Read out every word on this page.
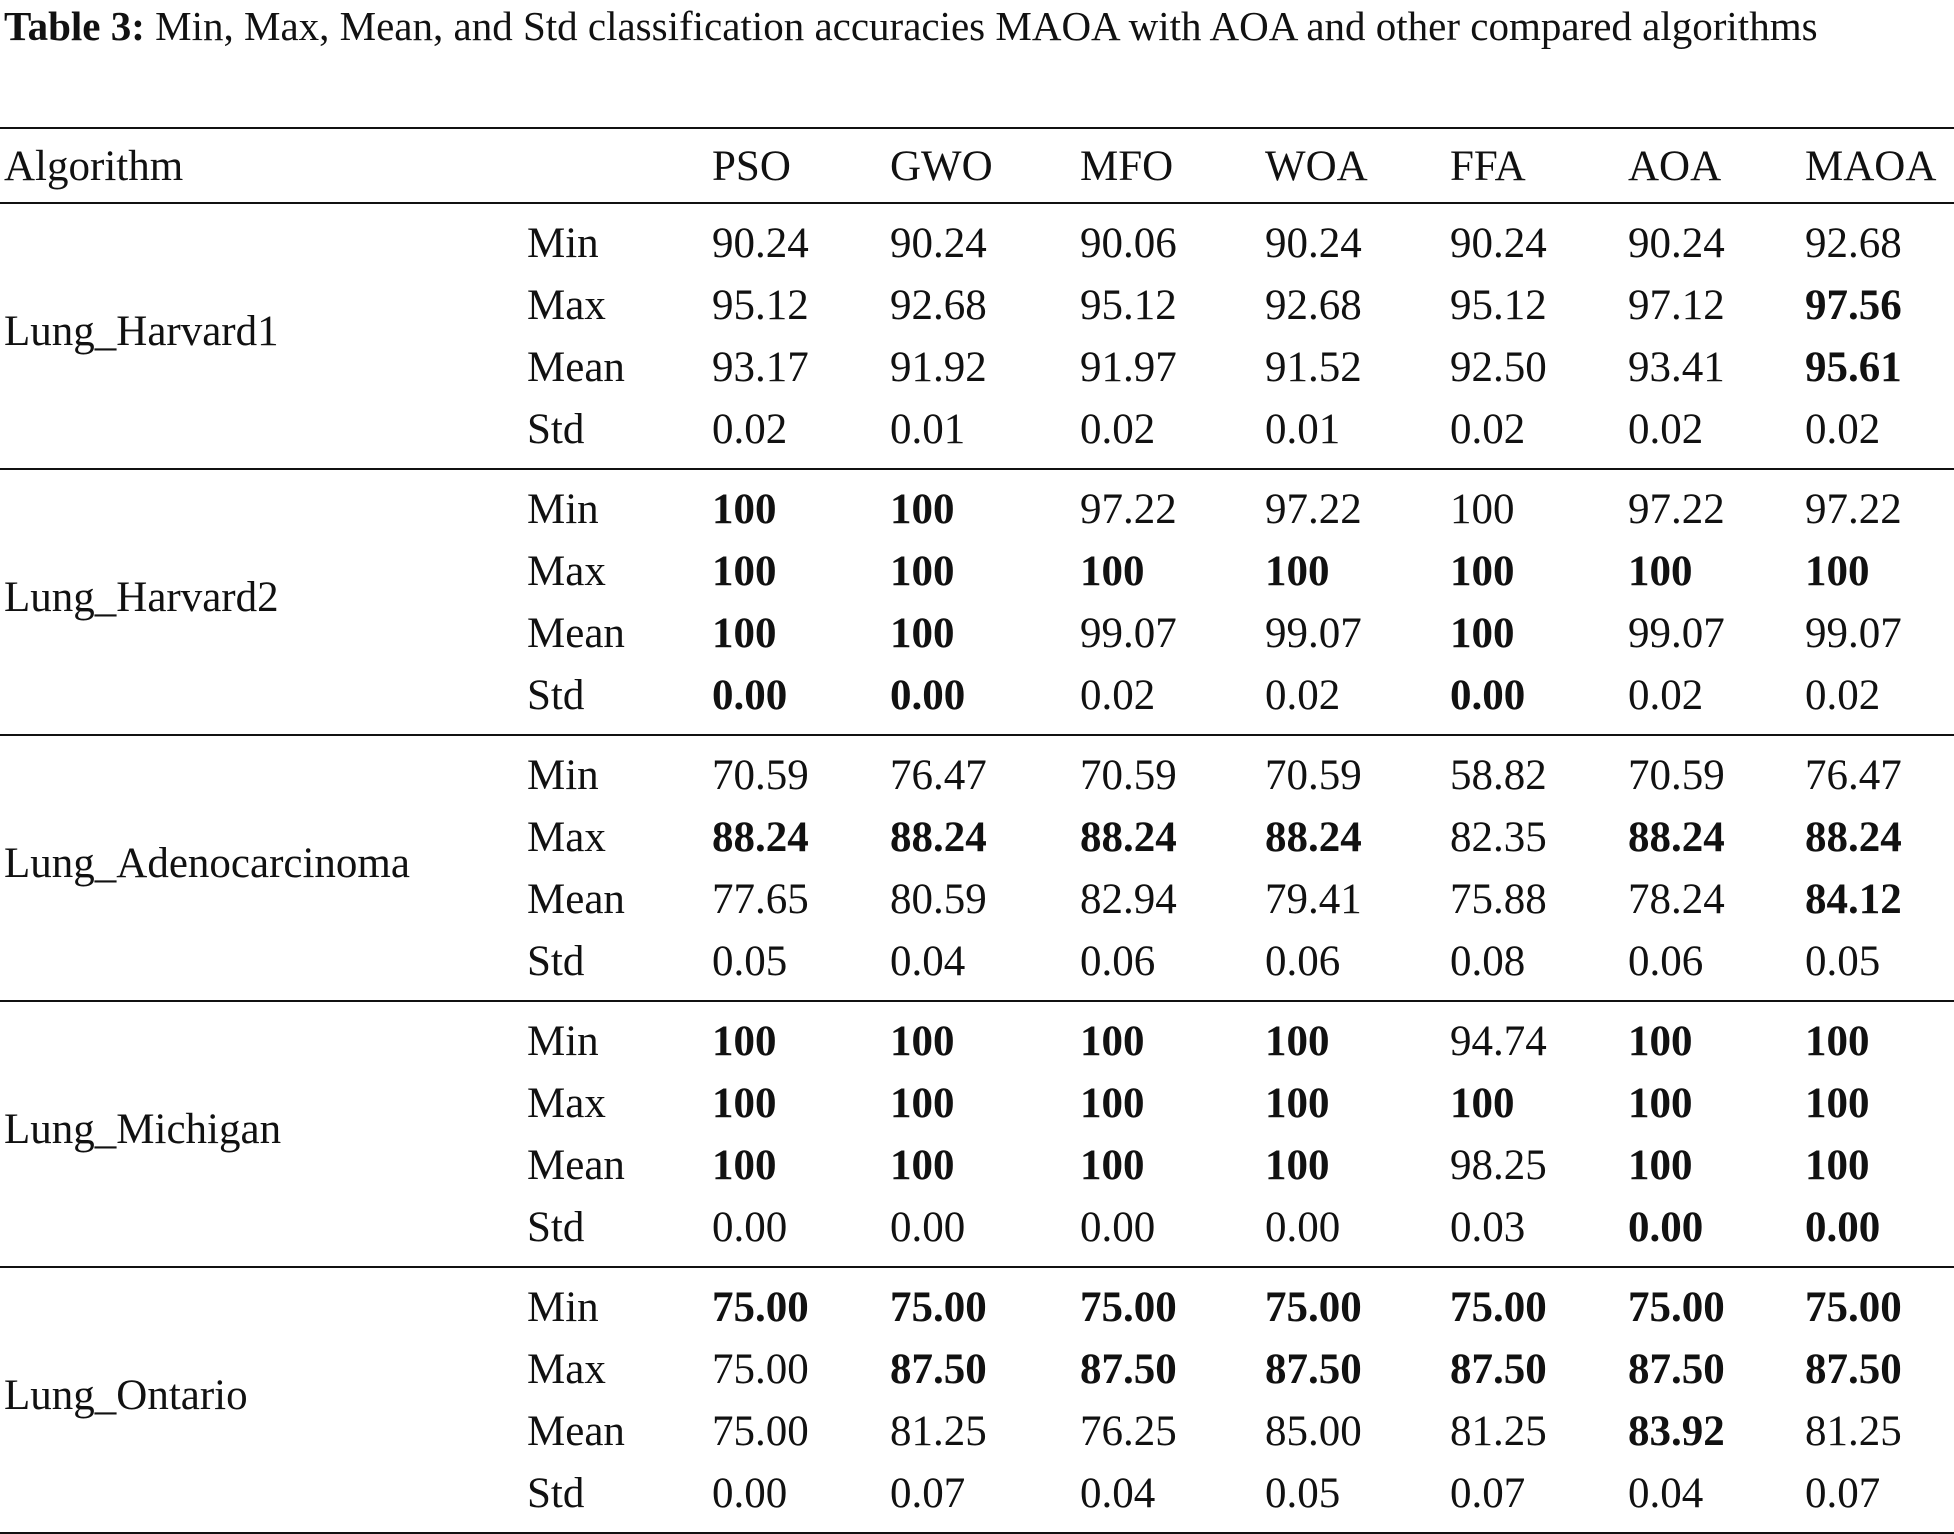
Table 3: Min, Max, Mean, and Std classification accuracies MAOA with AOA and other compared algorithms
Algorithm	PSO GWO MFO WOA FFA AOA MAOA
Lung_Harvard1
Min	90.24 90.24 90.06 90.24 90.24 90.24 92.68
Max 95.12 92.68 95.12 92.68 95.12 97.12 97.56
Mean 93.17 91.92 91.97 91.52 92.50 93.41 95.61
Std	0.02 0.01	0.02	0.01	0.02 0.02 0.02
Lung_Harvard2
Min	100	100	97.22 97.22 100	97.22 97.22
Max 100	100	100	100	100	100	100
Mean 100	100	99.07 99.07 100	99.07 99.07
Std	0.00 0.00	0.02	0.02	0.00 0.02 0.02
Lung_Adenocarcinoma
Min	70.59 76.47 70.59 70.59 58.82 70.59 76.47
Max 88.24 88.24 88.24 88.24 82.35 88.24 88.24
Mean 77.65 80.59 82.94 79.41 75.88 78.24 84.12
Std	0.05 0.04	0.06	0.06	0.08 0.06 0.05
Lung_Michigan
Min	100	100	100	100	94.74 100	100
Max 100	100	100	100	100	100	100
Mean 100	100	100	100	98.25 100	100
Std	0.00 0.00	0.00	0.00	0.03 0.00 0.00
Lung_Ontario
Min	75.00 75.00 75.00 75.00 75.00 75.00 75.00
Max 75.00 87.50 87.50 87.50 87.50 87.50 87.50
Mean 75.00 81.25 76.25 85.00 81.25 83.92 81.25
Std	0.00 0.07	0.04	0.05	0.07 0.04 0.07
